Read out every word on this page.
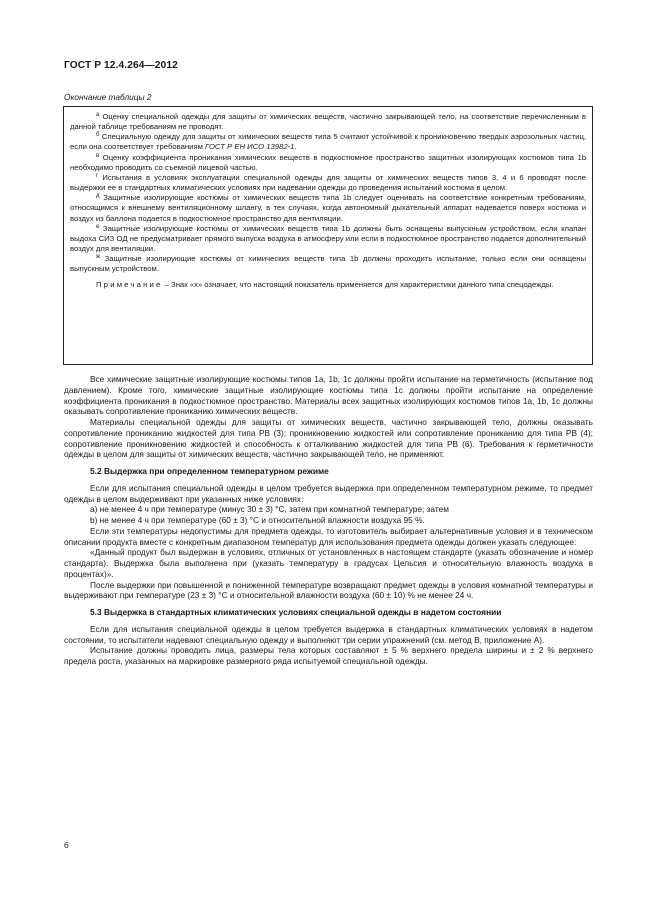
ГОСТ Р 12.4.264—2012
Окончание таблицы 2

$^a$ Оценку специальной одежды для защиты от химических веществ, частично закрывающей тело, на соответствие перечисленным в данной таблице требованиям не проводят.

$^б$ Специальную одежду для защиты от химических веществ типа 5 считают устойчивой к проникновению твердых аэрозольных частиц, если она соответствует требованиям ГОСТ Р ЕН ИСО 13982-1.

$^в$ Оценку коэффициента проникания химических веществ в подкостюмное пространство защитных изолирующих костюмов типа 1b необходимо проводить со съемной лицевой частью.

$^г$ Испытания в условиях эксплуатации специальной одежды для защиты от химических веществ типов 3, 4 и 6 проводят после выдержки ее в стандартных климатических условиях при надевании одежды до проведения испытаний костюма в целом.

$^д$ Защитные изолирующие костюмы от химических веществ типа 1b следует оценивать на соответствие конкретным требованиям, относящимся к внешнему вентиляционному шлангу, в тех случаях, когда автономный дыхательный аппарат надевается поверх костюма и воздух из баллона подается в подкостюмное пространство для вентиляции.

$^е$ Защитные изолирующие костюмы от химических веществ типа 1b должны быть оснащены выпускным устройством, если клапан выдоха СИЗ ОД не предусматривает прямого выпуска воздуха в атмосферу или если в подкостюмное пространство подается дополнительный воздух для вентиляции.

$^ж$ Защитные изолирующие костюмы от химических веществ типа 1b должны проходить испытание, только если они оснащены выпускным устройством.

Примечание – Знак «х» означает, что настоящий показатель применяется для характеристики данного типа спецодежды.

Все химические защитные изолирующие костюмы типов 1а, 1b, 1с должны пройти испытание на герметичность (испытание под давлением). Кроме того, химические защитные изолирующие костюмы типа 1с должны пройти испытание на определение коэффициента проникания в подкостюмное пространство. Материалы всех защитных изолирующих костюмов типов 1а, 1b, 1с должны оказывать сопротивление прониканию химических веществ.

Материалы специальной одежды для защиты от химических веществ, частично закрывающей тело, должны оказывать сопротивление прониканию жидкостей для типа PB (3); проникновению жидкостей или сопротивление прониканию для типа PB (4); сопротивление проникновению жидкостей и способность к отталкиванию жидкостей для типа PB (6). Требования к герметичности одежды в целом для защиты от химических веществ, частично закрывающей тело, не применяют.

5.2 Выдержка при определенном температурном режиме

Если для испытания специальной одежды в целом требуется выдержка при определенном температурном режиме, то предмет одежды в целом выдерживают при указанных ниже условиях:

а) не менее 4 ч при температуре (минус 30 ± 3) °С, затем при комнатной температуре; затем

b) не менее 4 ч при температуре (60 ± 3) °С и относительной влажности воздуха 95 %.

Если эти температуры недопустимы для предмета одежды, то изготовитель выбирает альтернативные условия и в техническом описании продукта вместе с конкретным диапазоном температур для использования предмета одежды должен указать следующее:

«Данный продукт был выдержан в условиях, отличных от установленных в настоящем стандарте (указать обозначение и номер стандарта). Выдержка была выполнена при (указать температуру в градусах Цельсия и относительную влажность воздуха в процентах)».

После выдержки при повышенной и пониженной температуре возвращают предмет одежды в условия комнатной температуры и выдерживают при температуре (23 ± 3) °С и относительной влажности воздуха (60 ± 10) % не менее 24 ч.

5.3 Выдержка в стандартных климатических условиях специальной одежды в надетом состоянии

Если для испытания специальной одежды в целом требуется выдержка в стандартных климатических условиях в надетом состоянии, то испытатели надевают специальную одежду и выполняют три серии упражнений (см. метод В, приложение А).

Испытание должны проводить лица, размеры тела которых составляют ± 5 % верхнего предела ширины и ± 2 % верхнего предела роста, указанных на маркировке размерного ряда испытуемой специальной одежды.

6
